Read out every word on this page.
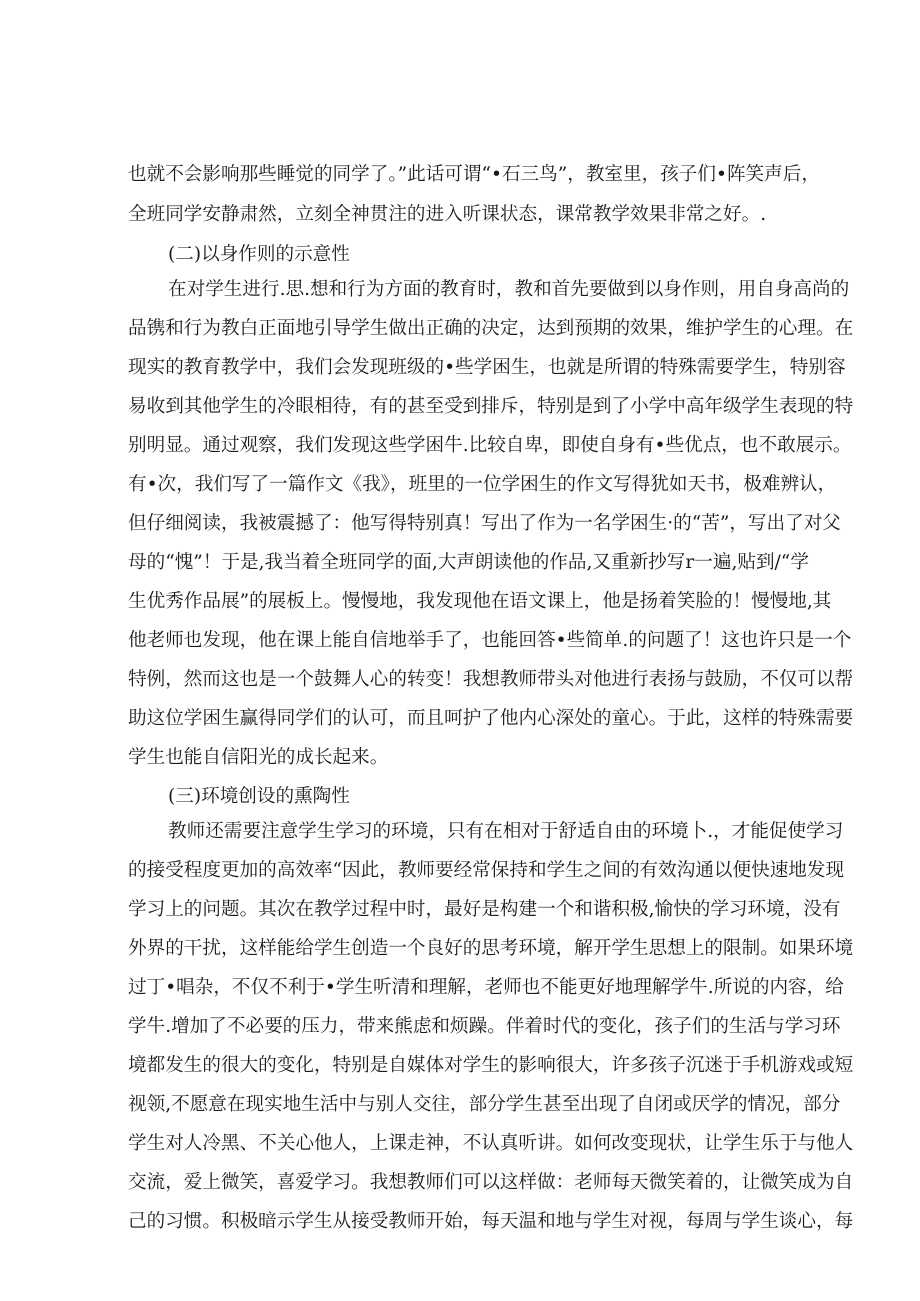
也就不会影响那些睡觉的同学了。”此话可谓“•石三鸟”，教室里，孩子们•阵笑声后，
全班同学安静肃然，立刻全神贯注的进入听课状态，课常教学效果非常之好。.
(二)以身作则的示意性
在对学生进行.思.想和行为方面的教育时，教和首先要做到以身作则，用自身高尚的
品镌和行为教白正面地引导学生做出正确的决定，达到预期的效果，维护学生的心理。在
现实的教育教学中，我们会发现班级的•些学困生，也就是所谓的特殊需要学生，特别容
易收到其他学生的冷眼相待，有的甚至受到排斥，特别是到了小学中高年级学生表现的特
别明显。通过观察，我们发现这些学困牛.比较自卑，即使自身有•些优点，也不敢展示。
有•次，我们写了一篇作文《我》，班里的一位学困生的作文写得犹如天书，极难辨认，
但仔细阅读，我被震撼了：他写得特别真！写出了作为一名学困生·的“苦”，写出了对父
母的“愧”！于是,我当着全班同学的面,大声朗读他的作品,又重新抄写r一遍,贴到/“学
生优秀作品展”的展板上。慢慢地，我发现他在语文课上，他是扬着笑脸的！慢慢地,其
他老师也发现，他在课上能自信地举手了，也能回答•些简单.的问题了！这也许只是一个
特例，然而这也是一个鼓舞人心的转变！我想教师带头对他进行表扬与鼓励，不仅可以帮
助这位学困生赢得同学们的认可，而且呵护了他内心深处的童心。于此，这样的特殊需要
学生也能自信阳光的成长起来。
(三)环境创设的熏陶性
教师还需要注意学生学习的环境，只有在相对于舒适自由的环境卜.，才能促使学习
的接受程度更加的高效率“因此，教师要经常保持和学生之间的有效沟通以便快速地发现
学习上的问题。其次在教学过程中时，最好是构建一个和谐积极,愉快的学习环境，没有
外界的干扰，这样能给学生创造一个良好的思考环境，解开学生思想上的限制。如果环境
过丁•唱杂，不仅不利于•学生听清和理解，老师也不能更好地理解学牛.所说的内容，给
学牛.增加了不必要的压力，带来熊虑和烦躁。伴着时代的变化，孩子们的生活与学习环
境都发生的很大的变化，特别是自媒体对学生的影响很大，许多孩子沉迷于手机游戏或短
视领,不愿意在现实地生活中与别人交往，部分学生甚至出现了自闭或厌学的情况，部分
学生对人冷黑、不关心他人，上课走神，不认真听讲。如何改变现状，让学生乐于与他人
交流，爱上微笑，喜爱学习。我想教师们可以这样做：老师每天微笑着的，让微笑成为自
己的习惯。积极暗示学生从接受教师开始，每天温和地与学生对视，每周与学生谈心，每
